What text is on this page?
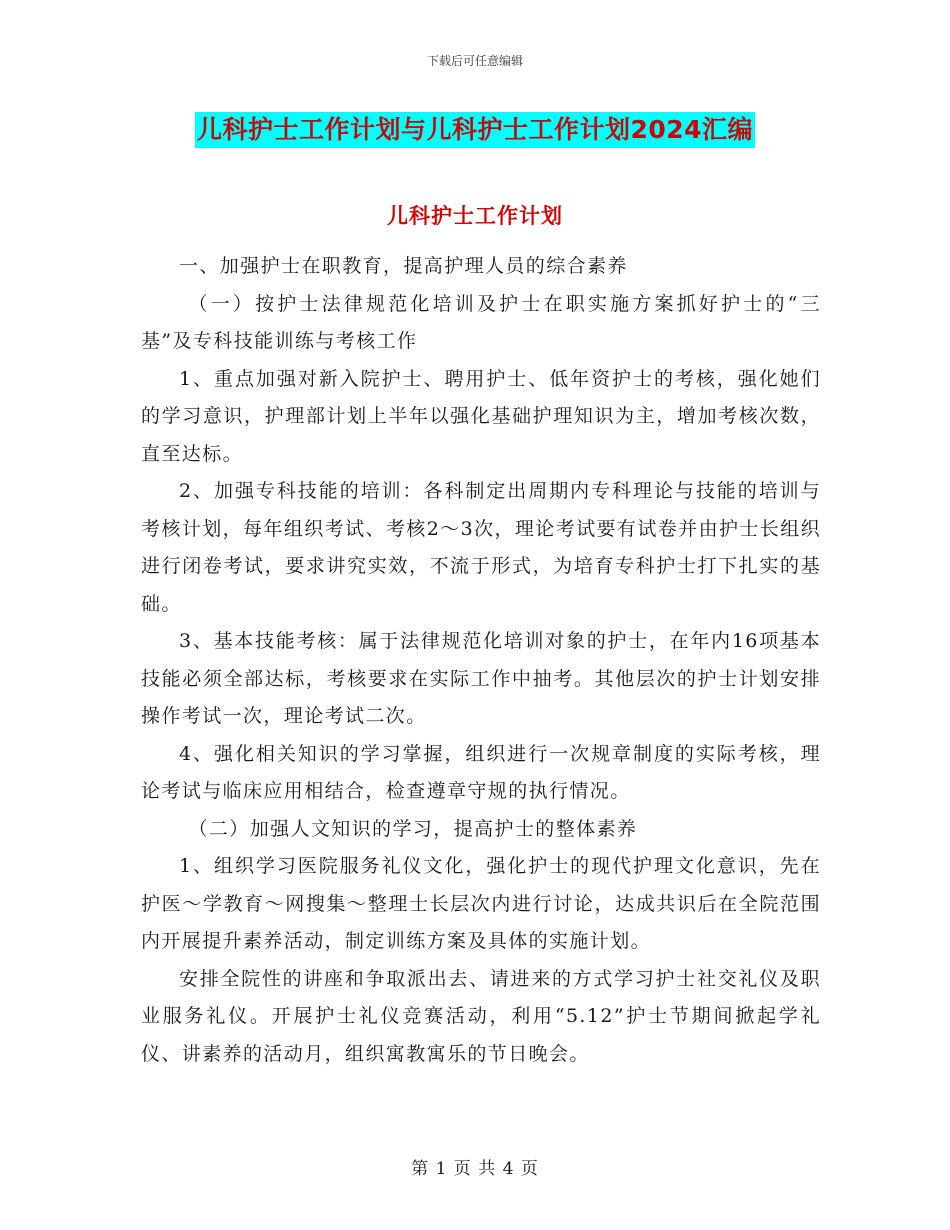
下载后可任意编辑
儿科护士工作计划与儿科护士工作计划2024汇编
儿科护士工作计划

一、加强护士在职教育，提高护理人员的综合素养

（一）按护士法律规范化培训及护士在职实施方案抓好护士的“三基”及专科技能训练与考核工作

1、重点加强对新入院护士、聘用护士、低年资护士的考核，强化她们的学习意识，护理部计划上半年以强化基础护理知识为主，增加考核次数，直至达标。

2、加强专科技能的培训：各科制定出周期内专科理论与技能的培训与考核计划，每年组织考试、考核2～3次，理论考试要有试卷并由护士长组织进行闭卷考试，要求讲究实效，不流于形式，为培育专科护士打下扎实的基础。

3、基本技能考核：属于法律规范化培训对象的护士，在年内16项基本技能必须全部达标，考核要求在实际工作中抽考。其他层次的护士计划安排操作考试一次，理论考试二次。

4、强化相关知识的学习掌握，组织进行一次规章制度的实际考核，理论考试与临床应用相结合，检查遵章守规的执行情况。

（二）加强人文知识的学习，提高护士的整体素养

1、组织学习医院服务礼仪文化，强化护士的现代护理文化意识，先在护医～学教育～网搜集～整理士长层次内进行讨论，达成共识后在全院范围内开展提升素养活动，制定训练方案及具体的实施计划。

安排全院性的讲座和争取派出去、请进来的方式学习护士社交礼仪及职业服务礼仪。开展护士礼仪竞赛活动，利用“5.12”护士节期间掀起学礼仪、讲素养的活动月，组织寓教寓乐的节日晚会。

第 1 页 共 4 页
